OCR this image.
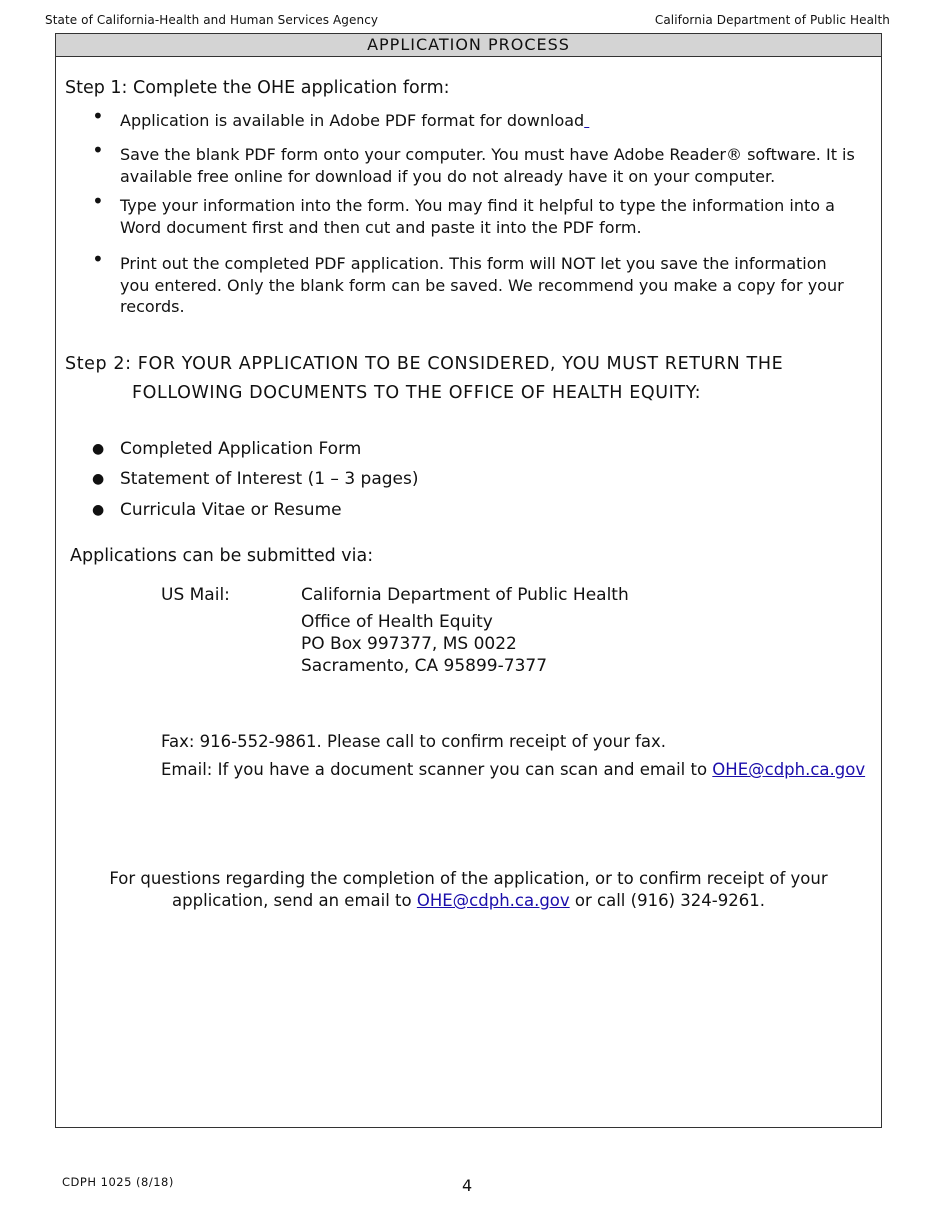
State of California-Health and Human Services Agency	California Department of Public Health
APPLICATION PROCESS
Step 1: Complete the OHE application form:
• Application is available in Adobe PDF format for download
• Save the blank PDF form onto your computer. You must have Adobe Reader® software. It is available free online for download if you do not already have it on your computer.
• Type your information into the form. You may find it helpful to type the information into a Word document first and then cut and paste it into the PDF form.
• Print out the completed PDF application. This form will NOT let you save the information you entered. Only the blank form can be saved. We recommend you make a copy for your records.
Step 2: FOR YOUR APPLICATION TO BE CONSIDERED, YOU MUST RETURN THE
FOLLOWING DOCUMENTS TO THE OFFICE OF HEALTH EQUITY:
● Completed Application Form
● Statement of Interest (1 – 3 pages)
● Curricula Vitae or Resume
Applications can be submitted via:
US Mail:	California Department of Public Health
Office of Health Equity
PO Box 997377, MS 0022
Sacramento, CA 95899-7377
Fax: 916-552-9861. Please call to confirm receipt of your fax.
Email: If you have a document scanner you can scan and email to OHE@cdph.ca.gov
For questions regarding the completion of the application, or to confirm receipt of your
application, send an email to OHE@cdph.ca.gov or call (916) 324-9261.
CDPH 1025 (8/18)	4
